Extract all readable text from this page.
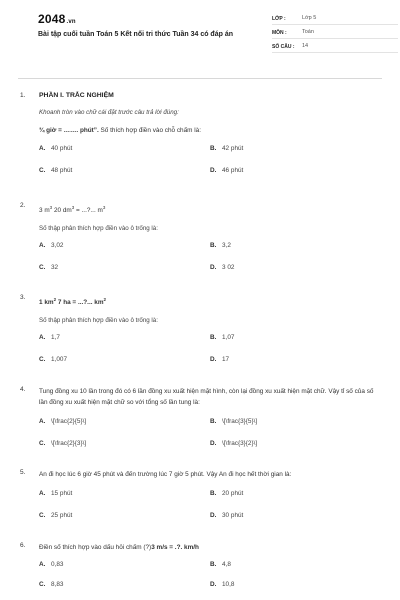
2048.vn
Bài tập cuối tuần Toán 5 Kết nối tri thức Tuần 34 có đáp án
LỚP :	Lớp 5
MÔN :	Toán
SỐ CÂU :	14
1. PHẦN I. TRẮC NGHIỆM
Khoanh tròn vào chữ cái đặt trước câu trả lời đúng:
¾ giờ = ……. phút”. Số thích hợp điền vào chỗ chấm là:
A. 40 phút	B. 42 phút
C. 48 phút	D. 46 phút
2.
3 $m^3$ 20 $dm^3$ = ...?... $m^3$
Số thập phân thích hợp điền vào ô trống là:
A. 3,02	B. 3,2
C. 32	D. 3 02
3.
1 $km^2$ 7 ha = ...?... $km^2$
Số thập phân thích hợp điền vào ô trống là:
A. 1,7	B. 1,07
C. 1,007	D. 17
4. Tung đồng xu 10 lần trong đó có 6 lần đồng xu xuất hiện mặt hình, còn lại đồng xu xuất hiện mặt chữ. Vậy tỉ số của số lần đồng xu xuất hiện mặt chữ so với tổng số lần tung là:
A. \[\frac{2}{5}\]	B. \[\frac{3}{5}\]
C. \[\frac{2}{3}\]	D. \[\frac{3}{2}\]
5. An đi học lúc 6 giờ 45 phút và đến trường lúc 7 giờ 5 phút. Vậy An đi học hết thời gian là:
A. 15 phút	B. 20 phút
C. 25 phút	D. 30 phút
6. Điền số thích hợp vào dấu hỏi chấm (?)3 m/s = .?. km/h
A. 0,83	B. 4,8
C. 8,83	D. 10,8
